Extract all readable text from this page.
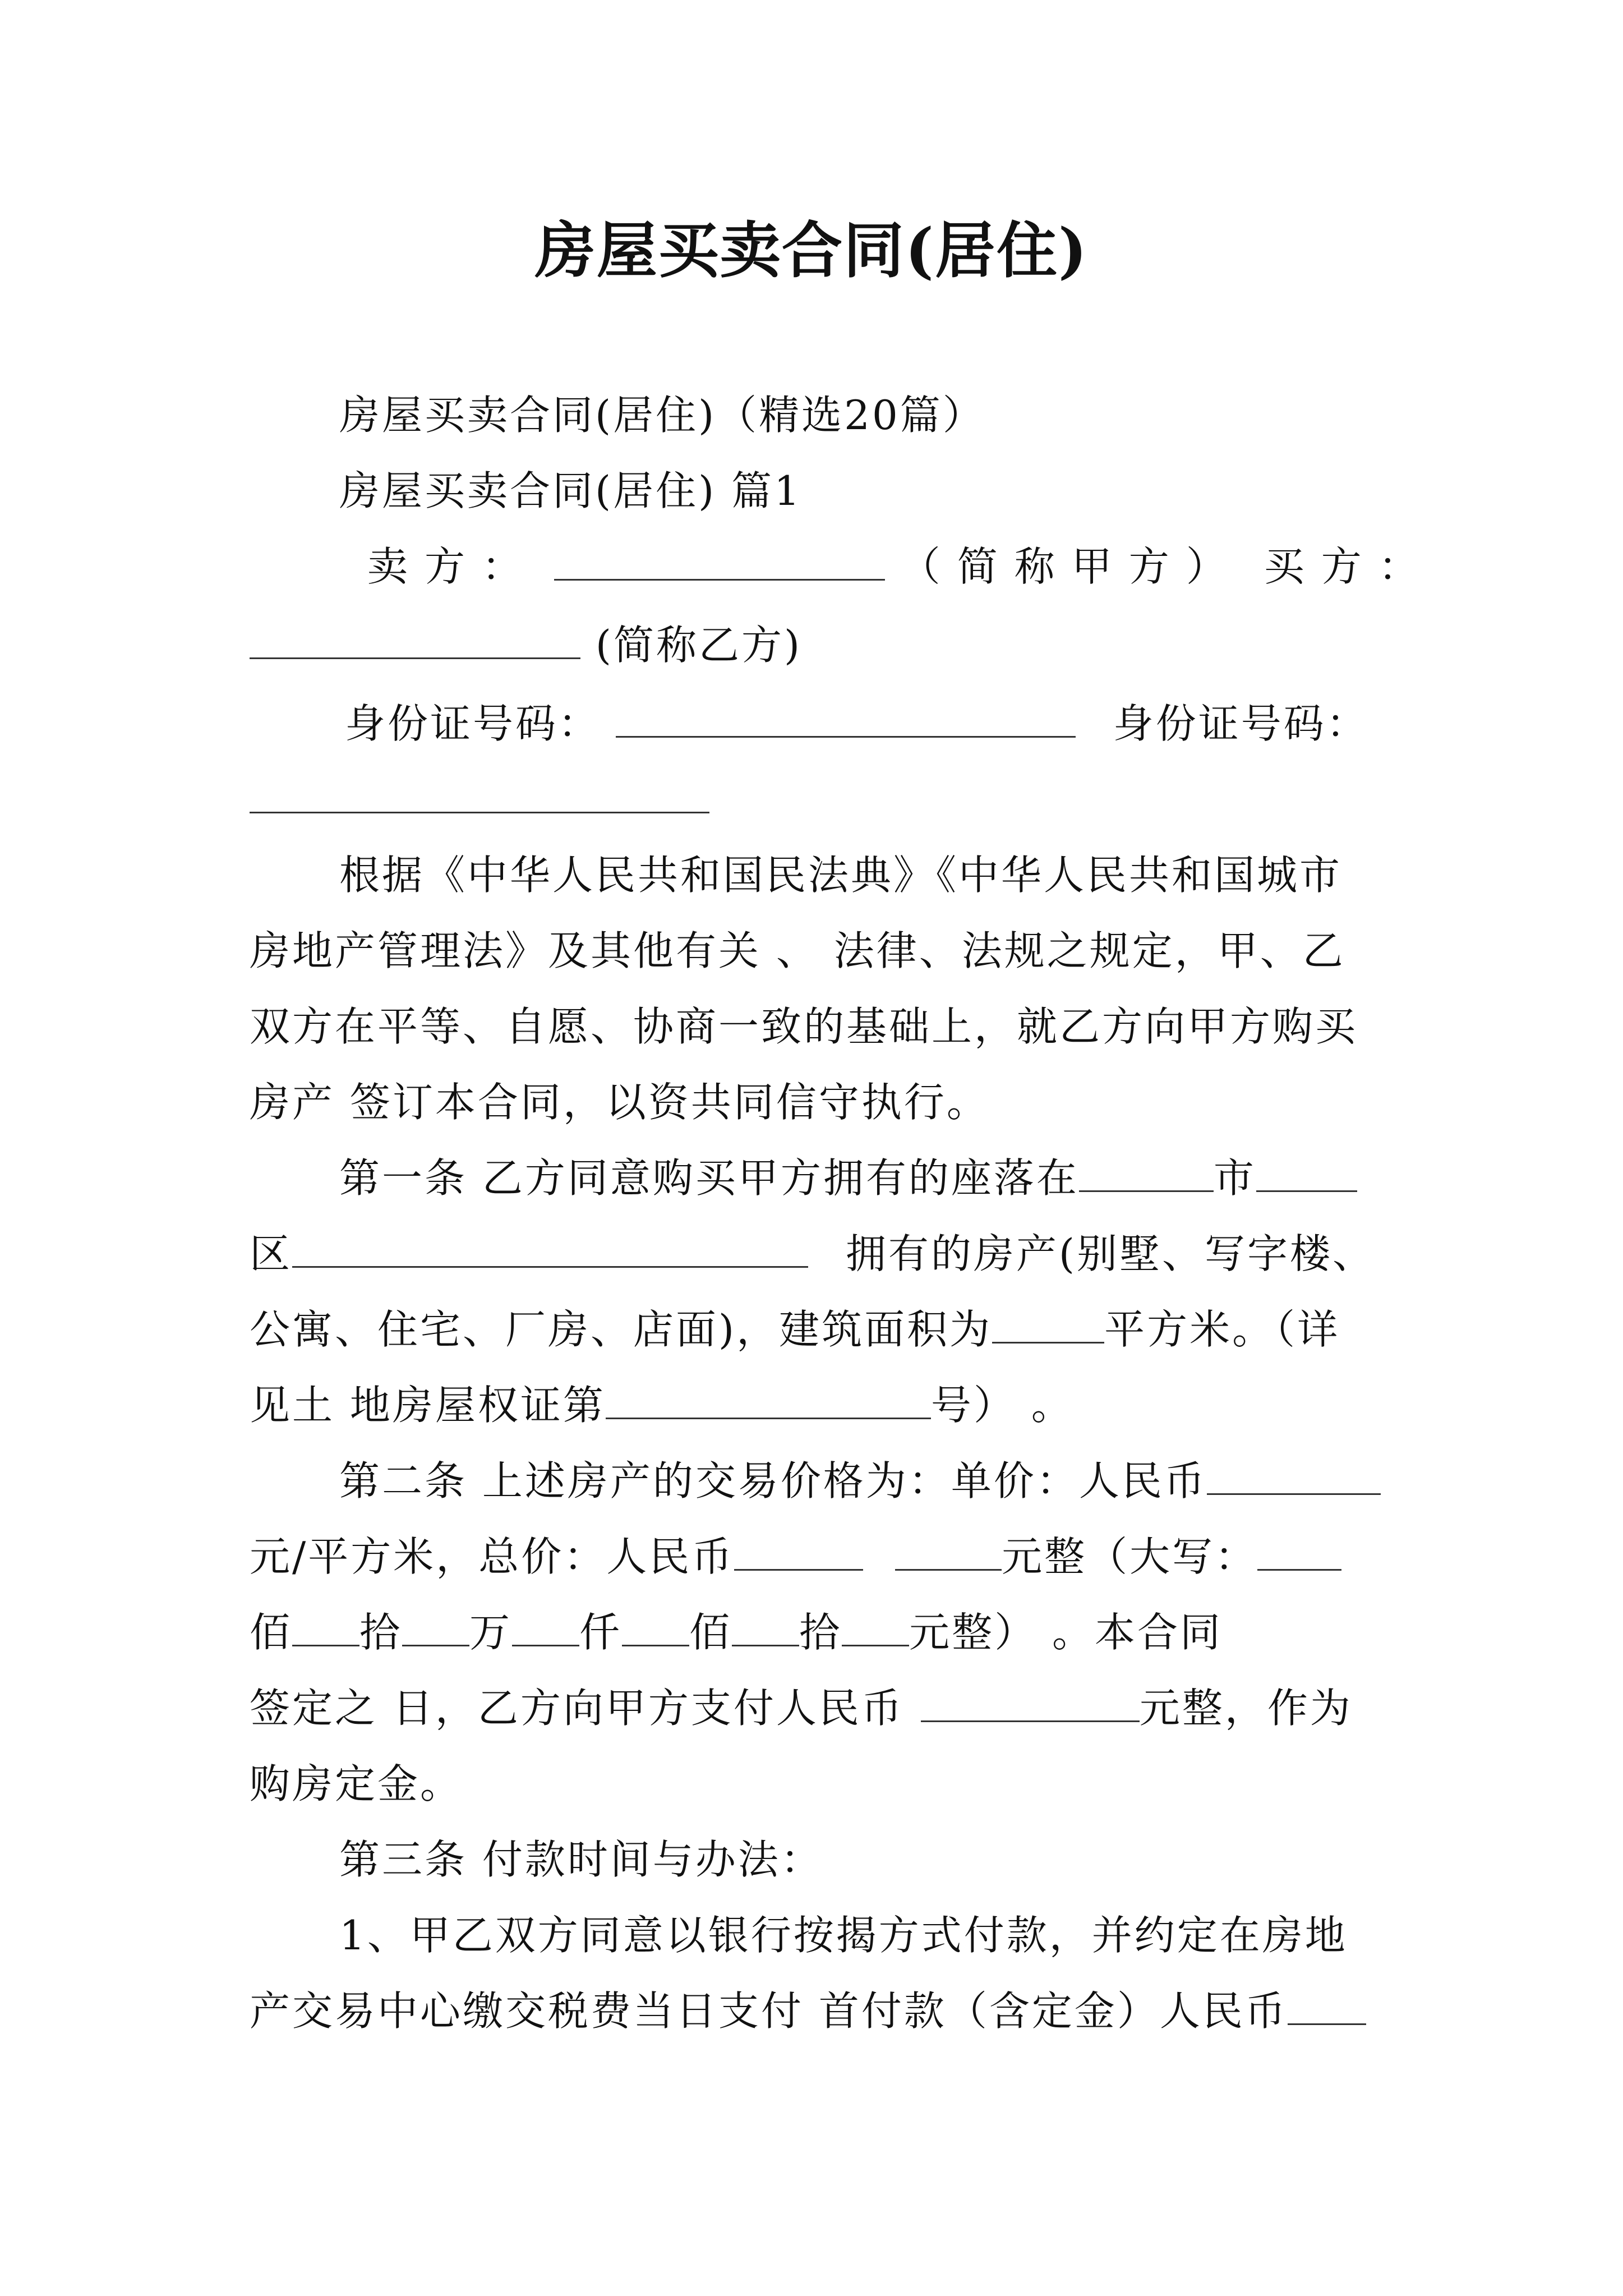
房屋买卖合同(居住)
房屋买卖合同(居住)（精选20篇）
房屋买卖合同(居住) 篇1
卖方：	（简称甲方） 买方：
(简称乙方)
身份证号码：	身份证号码：
根据《中华人民共和国民法典》《中华人民共和国城市
房地产管理法》及其他有关 、 法律、法规之规定，甲、乙
双方在平等、自愿、协商一致的基础上，就乙方向甲方购买
房产 签订本合同，以资共同信守执行。
第一条 乙方同意购买甲方拥有的座落在	市
区	拥有的房产(别墅、写字楼、
公寓、住宅、厂房、店面)，建筑面积为	平方米。（详
见土 地房屋权证第	号） 。
第二条 上述房产的交易价格为：单价：人民币
元/平方米，总价：人民币	元整（大写：
佰 拾 万 仟 佰 拾 元整） 。本合同
签定之 日，乙方向甲方支付人民币	元整，作为
购房定金。
第三条 付款时间与办法：
1、甲乙双方同意以银行按揭方式付款，并约定在房地
产交易中心缴交税费当日支付 首付款（含定金）人民币
